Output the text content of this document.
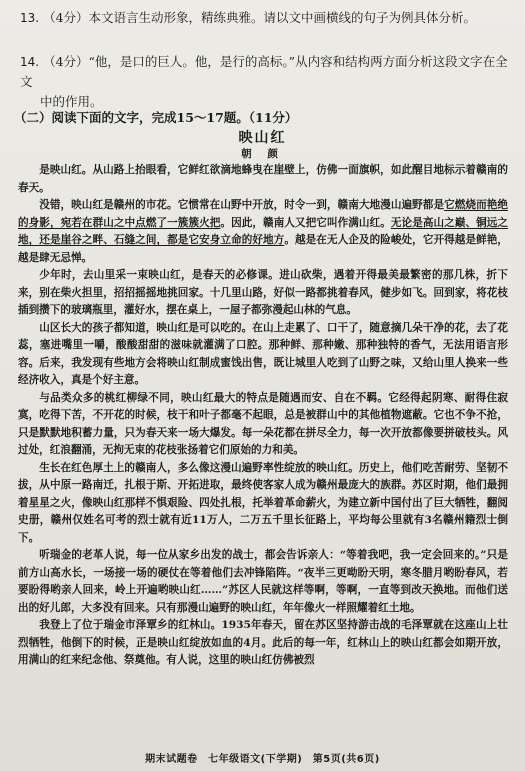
13. （4分）本文语言生动形象，精练典雅。请以文中画横线的句子为例具体分析。
14. （4分）“他，是口的巨人。他，是行的高标。”从内容和结构两方面分析这段文字在全文
中的作用。
（二）阅读下面的文字，完成15～17题。（11分）
映山红
朝 颜

是映山红。从山路上抬眼看，它鲜红欲滴地蜂曳在崖壁上，仿佛一面旗帜，如此醒目地标示着赣南的春天。

没错，映山红是赣州的市花。它惯常在山野中开放，时令一到，赣南大地漫山遍野都是它燃烧而艳绝的身影，宛若在群山之中点燃了一簇簇火把。因此，赣南人又把它叫作满山红。无论是高山之巅、铜远之地，还是崖谷之畔、石缝之间，都是它安身立命的好地方。越是在无人企及的险峻处，它开得越是鲜艳，越是肆无忌惮。

少年时，去山里采一束映山红，是春天的必修课。进山砍柴，遇着开得最美最繁密的那几株，折下来，别在柴火担里，招招摇摇地挑回家。十几里山路，好似一路都挑着春风，健步如飞。回到家，将花枝插到攒下的玻璃瓶里，灌好水，摆在桌上，一屋子都弥漫起山林的气息。

山区长大的孩子都知道，映山红是可以吃的。在山上走累了、口干了，随意摘几朵干净的花，去了花蕊，塞进嘴里一嚼，酸酸甜甜的滋味就灌满了口腔。那种鲜、那种嫩、那种独特的香气，无法用语言形容。后来，我发现有些地方会将映山红制成蜜饯出售，既让城里人吃到了山野之味，又给山里人换来一些经济收入，真是个好主意。

与品类众多的桃红柳绿不同，映山红最大的特点是随遇而安、自在不羁。它经得起阴寒、耐得住寂寞，吃得下苦，不开花的时候，枝干和叶子都毫不起眼，总是被群山中的其他植物遮蔽。它也不争不抢，只是默默地积蓄力量，只为春天来一场大爆发。每一朵花都在拼尽全力，每一次开放都像要拼破枝头。风过处，红浪翻涌，无拘无束的花枝张扬着它们原始的力和美。

生长在红色厚土上的赣南人，多么像这漫山遍野率性绽放的映山红。历史上，他们吃苦耐劳、坚韧不拔，从中原一路南迁，扎根于斯、开拓进取，最终使客家人成为赣州最庞大的族群。苏区时期，他们最拥着星星之火，像映山红那样不惧艰险、四处扎根，托举着革命薪火，为建立新中国付出了巨大牺牲，翻阅史册，赣州仅姓名可考的烈士就有近11万人，二万五千里长征路上，平均每公里就有3名赣州籍烈士倒下。

听瑞金的老革人说，每一位从家乡出发的战士，都会告诉亲人：“等着我吧，我一定会回来的。”只是前方山高水长，一场接一场的硬仗在等着他们去冲锋陷阵。“夜半三更呦盼天明，寒冬腊月哟盼春风，若要盼得哟亲人回来，岭上开遍哟映山红……”苏区人民就这样等啊，等啊，一直等到改天换地。而他们送出的好儿郎，大多没有回来。只有那漫山遍野的映山红，年年像火一样照耀着红土地。

我登上了位于瑞金市泽覃乡的红林山。1935年春天，留在苏区坚持游击战的毛泽覃就在这座山上壮烈牺牲，他倒下的时候，正是映山红绽放如血的4月。此后的每一年，红林山上的映山红都会如期开放，用满山的红来纪念他、祭奠他。有人说，这里的映山红仿佛被烈

期末试题卷　七年级语文(下学期)　第5页(共6页)
